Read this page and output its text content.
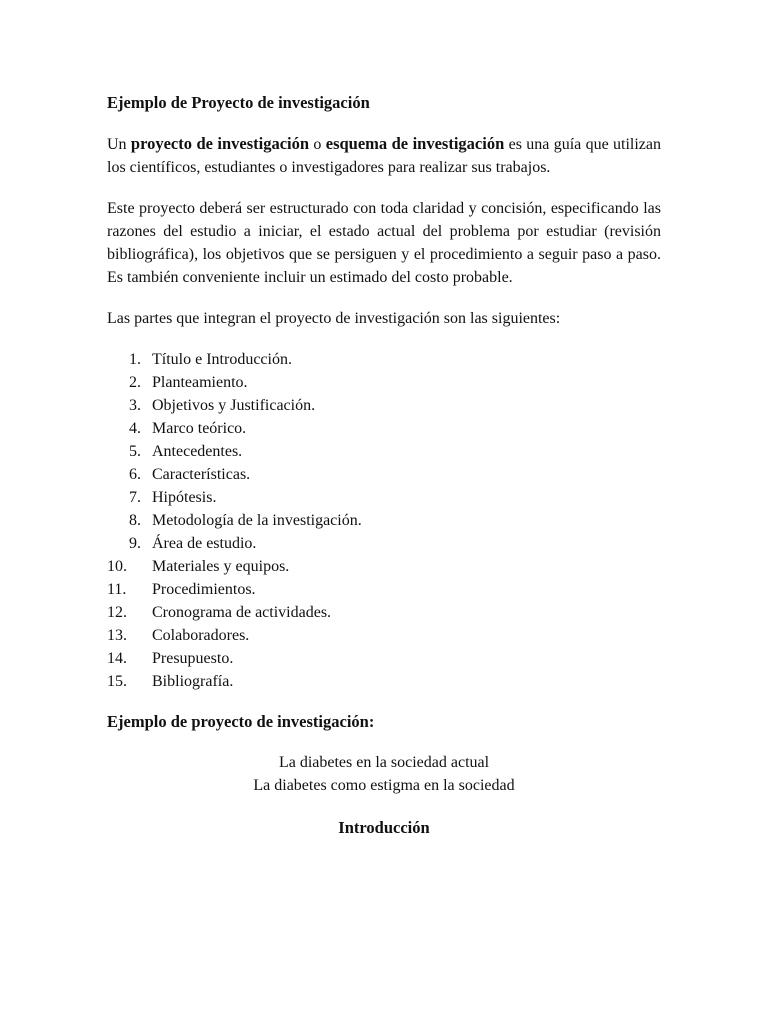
Ejemplo de Proyecto de investigación

Un proyecto de investigación o esquema de investigación es una guía que utilizan los científicos, estudiantes o investigadores para realizar sus trabajos.

Este proyecto deberá ser estructurado con toda claridad y concisión, especificando las razones del estudio a iniciar, el estado actual del problema por estudiar (revisión bibliográfica), los objetivos que se persiguen y el procedimiento a seguir paso a paso. Es también conveniente incluir un estimado del costo probable.

Las partes que integran el proyecto de investigación son las siguientes:

1. Título e Introducción.
2. Planteamiento.
3. Objetivos y Justificación.
4. Marco teórico.
5. Antecedentes.
6. Características.
7. Hipótesis.
8. Metodología de la investigación.
9. Área de estudio.
10.	Materiales y equipos.
11.	Procedimientos.
12.	Cronograma de actividades.
13.	Colaboradores.
14.	Presupuesto.
15.	Bibliografía.
Ejemplo de proyecto de investigación:
La diabetes en la sociedad actual
La diabetes como estigma en la sociedad
Introducción
